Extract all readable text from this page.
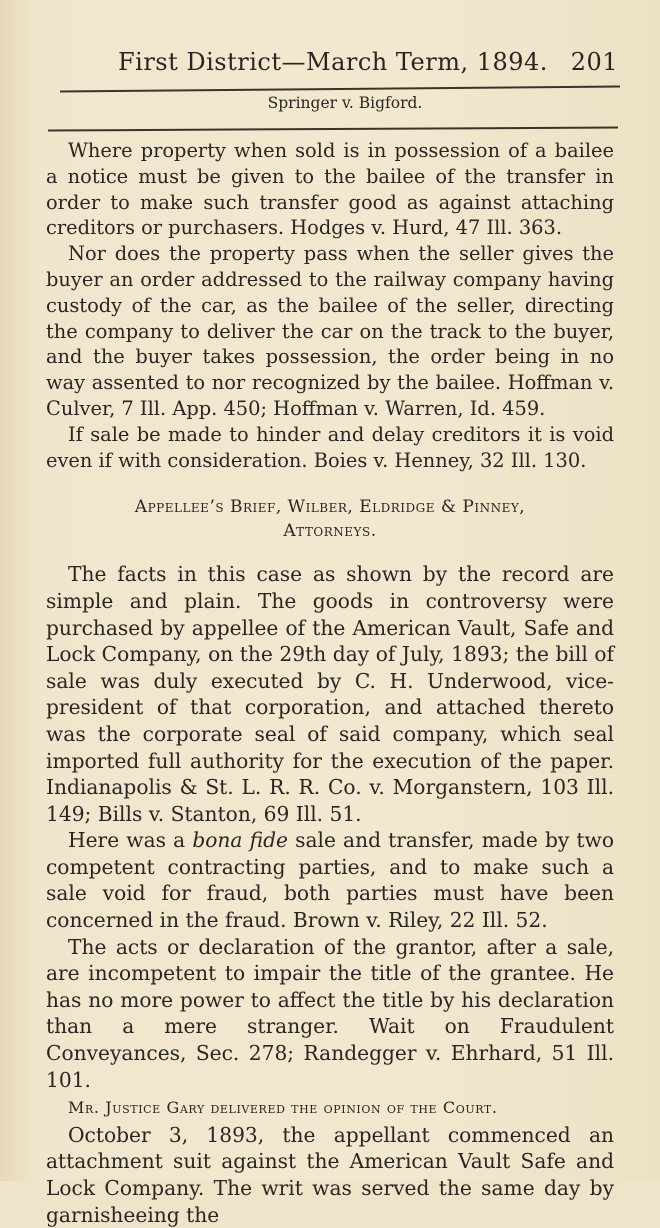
First District—March Term, 1894. 201
Springer v. Bigford.

Where property when sold is in possession of a bailee a notice must be given to the bailee of the transfer in order to make such transfer good as against attaching creditors or purchasers. Hodges v. Hurd, 47 Ill. 363.

Nor does the property pass when the seller gives the buyer an order addressed to the railway company having custody of the car, as the bailee of the seller, directing the company to deliver the car on the track to the buyer, and the buyer takes possession, the order being in no way assented to nor recognized by the bailee. Hoffman v. Culver, 7 Ill. App. 450; Hoffman v. Warren, Id. 459.

If sale be made to hinder and delay creditors it is void even if with consideration. Boies v. Henney, 32 Ill. 130.

Appellee’s Brief, Wilber, Eldridge & Pinney,
Attorneys.

The facts in this case as shown by the record are simple and plain. The goods in controversy were purchased by appellee of the American Vault, Safe and Lock Company, on the 29th day of July, 1893; the bill of sale was duly executed by C. H. Underwood, vice-president of that corporation, and attached thereto was the corporate seal of said company, which seal imported full authority for the execution of the paper. Indianapolis & St. L. R. R. Co. v. Morganstern, 103 Ill. 149; Bills v. Stanton, 69 Ill. 51.

Here was a bona fide sale and transfer, made by two competent contracting parties, and to make such a sale void for fraud, both parties must have been concerned in the fraud. Brown v. Riley, 22 Ill. 52.

The acts or declaration of the grantor, after a sale, are incompetent to impair the title of the grantee. He has no more power to affect the title by his declaration than a mere stranger. Wait on Fraudulent Conveyances, Sec. 278; Randegger v. Ehrhard, 51 Ill. 101.

Mr. Justice Gary delivered the opinion of the Court.

October 3, 1893, the appellant commenced an attachment suit against the American Vault Safe and Lock Company. The writ was served the same day by garnisheeing the
